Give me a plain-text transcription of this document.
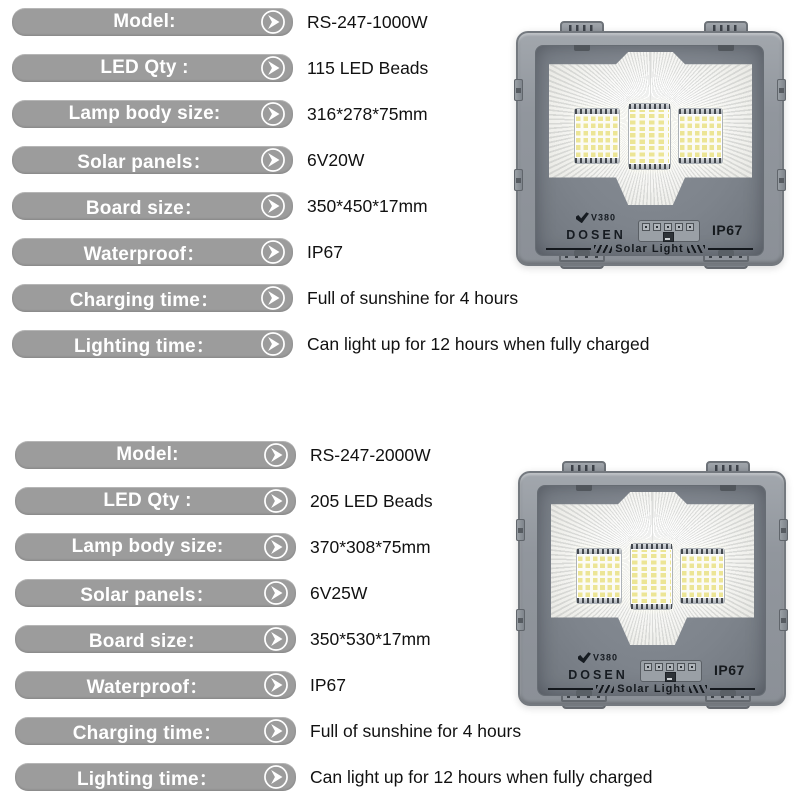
Model:	RS-247-1000W
LED Qty :	115 LED Beads
Lamp body size:	316*278*75mm
Solar panels：	6V20W
Board size：	350*450*17mm
Waterproof：	IP67
Charging time：	Full of sunshine for 4 hours
Lighting time：	Can light up for 12 hours when fully charged
V380
DOSEN	IP67
Solar Light
Model:	RS-247-2000W
LED Qty :	205 LED Beads
Lamp body size:	370*308*75mm
Solar panels：	6V25W
Board size：	350*530*17mm
Waterproof：	IP67
Charging time：	Full of sunshine for 4 hours
Lighting time：	Can light up for 12 hours when fully charged
V380
DOSEN	IP67
Solar Light
